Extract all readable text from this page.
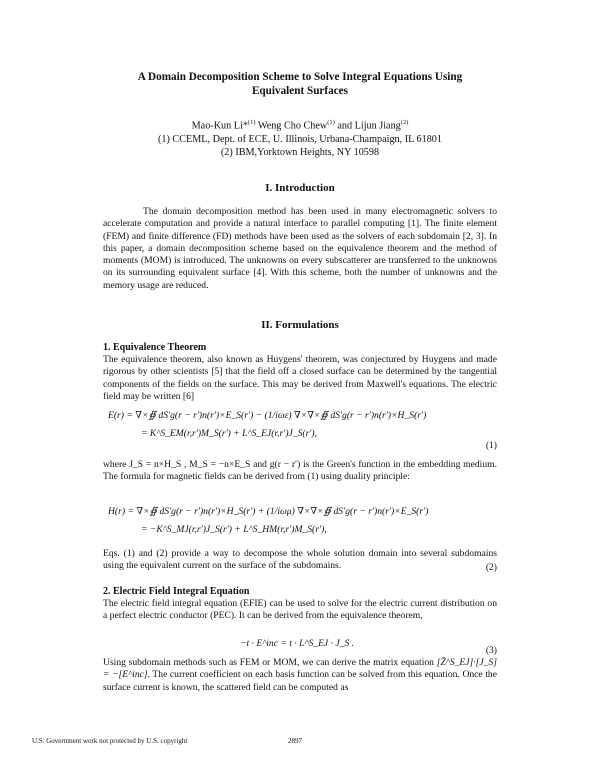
A Domain Decomposition Scheme to Solve Integral Equations Using
Equivalent Surfaces
Mao-Kun Li*$^{(1)}$ Weng Cho Chew$^{(1)}$ and Lijun Jiang$^{(2)}$
(1) CCEML, Dept. of ECE, U. Illinois, Urbana-Champaign, IL 61801
(2) IBM,Yorktown Heights, NY 10598
I. Introduction

The domain decomposition method has been used in many electromagnetic solvers to accelerate computation and provide a natural interface to parallel computing [1]. The finite element (FEM) and finite difference (FD) methods have been used as the solvers of each subdomain [2, 3]. In this paper, a domain decomposition scheme based on the equivalence theorem and the method of moments (MOM) is introduced. The unknowns on every subscatterer are transferred to the unknowns on its surrounding equivalent surface [4]. With this scheme, both the number of unknowns and the memory usage are reduced.

II. Formulations
1. Equivalence Theorem

The equivalence theorem, also known as Huygens' theorem, was conjectured by Huygens and made rigorous by other scientists [5] that the field off a closed surface can be determined by the tangential components of the fields on the surface. This may be derived from Maxwell's equations. The electric field may be written [6]

E(r) = ∇×∯ dS′g(r − r′)n(r′)×E_S(r′) − (1/iωε) ∇×∇×∯ dS′g(r − r′)n(r′)×H_S(r′)
= K^S_EM(r,r′)M_S(r′) + L^S_EJ(r,r′)J_S(r′),
(1)

where J_S = n×H_S , M_S = −n×E_S and g(r − r′) is the Green's function in the embedding medium. The formula for magnetic fields can be derived from (1) using duality principle:

H(r) = ∇×∯ dS′g(r − r′)n(r′)×H_S(r′) + (1/iωμ) ∇×∇×∯ dS′g(r − r′)n(r′)×E_S(r′)
= −K^S_MJ(r,r′)J_S(r′) + L^S_HM(r,r′)M_S(r′),
(2)

Eqs. (1) and (2) provide a way to decompose the whole solution domain into several subdomains using the equivalent current on the surface of the subdomains.

2. Electric Field Integral Equation

The electric field integral equation (EFIE) can be used to solve for the electric current distribution on a perfect electric conductor (PEC). It can be derived from the equivalence theorem,

−t · E^inc = t · L^S_EJ · J_S .
(3)

Using subdomain methods such as FEM or MOM, we can derive the matrix equation [Z̄^S_EJ]·[J_S] = −[E^inc]. The current coefficient on each basis function can be solved from this equation. Once the surface current is known, the scattered field can be computed as

U.S. Government work not protected by U.S. copyright	2897
